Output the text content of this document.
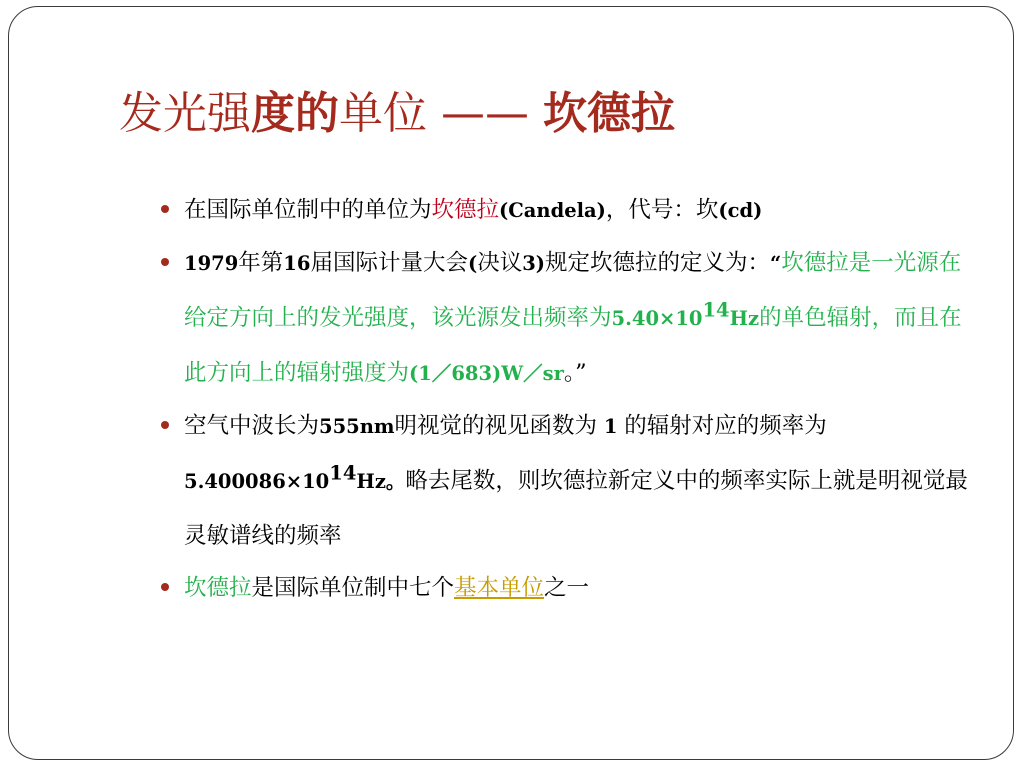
发光强度的单位 —— 坎德拉
在国际单位制中的单位为坎德拉(Candela)，代号：坎(cd)
1979年第16届国际计量大会(决议3)规定坎德拉的定义为：“坎德拉是一光源在给定方向上的发光强度，该光源发出频率为$5.40\times 10^{14}Hz$的单色辐射，而且在此方向上的辐射强度为(1／683)W／sr。”
空气中波长为555nm明视觉的视见函数为 1 的辐射对应的频率为$5.400086\times 10^{14}Hz$。略去尾数，则坎德拉新定义中的频率实际上就是明视觉最灵敏谱线的频率
坎德拉是国际单位制中七个基本单位之一
